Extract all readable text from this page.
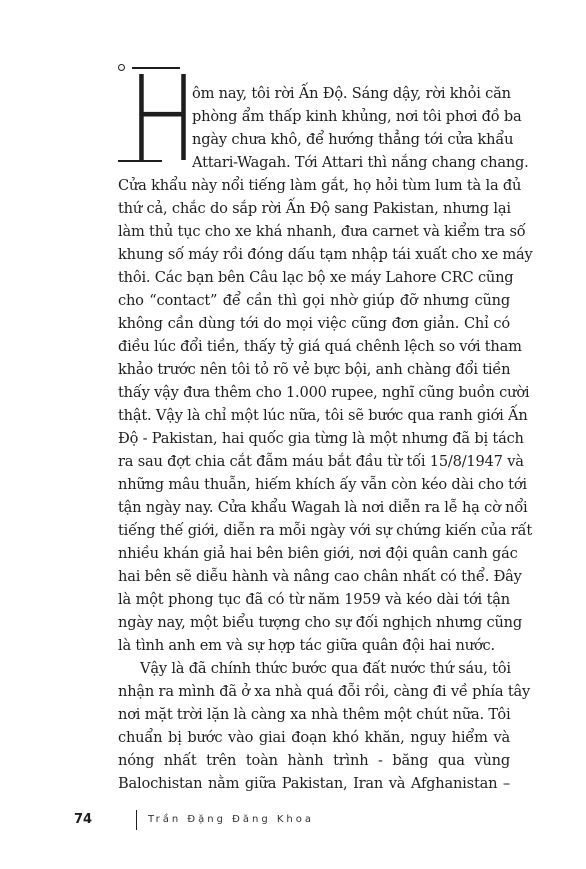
H
ôm nay, tôi rời Ấn Độ. Sáng dậy, rời khỏi căn
phòng ẩm thấp kinh khủng, nơi tôi phơi đồ ba
ngày chưa khô, để hướng thẳng tới cửa khẩu
Attari-Wagah. Tới Attari thì nắng chang chang.
Cửa khẩu này nổi tiếng làm gắt, họ hỏi tùm lum tà la đủ
thứ cả, chắc do sắp rời Ấn Độ sang Pakistan, nhưng lại
làm thủ tục cho xe khá nhanh, đưa carnet và kiểm tra số
khung số máy rồi đóng dấu tạm nhập tái xuất cho xe máy
thôi. Các bạn bên Câu lạc bộ xe máy Lahore CRC cũng
cho “contact” để cần thì gọi nhờ giúp đỡ nhưng cũng
không cần dùng tới do mọi việc cũng đơn giản. Chỉ có
điều lúc đổi tiền, thấy tỷ giá quá chênh lệch so với tham
khảo trước nên tôi tỏ rõ vẻ bực bội, anh chàng đổi tiền
thấy vậy đưa thêm cho 1.000 rupee, nghĩ cũng buồn cười
thật. Vậy là chỉ một lúc nữa, tôi sẽ bước qua ranh giới Ấn
Độ - Pakistan, hai quốc gia từng là một nhưng đã bị tách
ra sau đợt chia cắt đẫm máu bắt đầu từ tối 15/8/1947 và
những mâu thuẫn, hiếm khích ấy vẫn còn kéo dài cho tới
tận ngày nay. Cửa khẩu Wagah là nơi diễn ra lễ hạ cờ nổi
tiếng thế giới, diễn ra mỗi ngày với sự chứng kiến của rất
nhiều khán giả hai bên biên giới, nơi đội quân canh gác
hai bên sẽ diễu hành và nâng cao chân nhất có thể. Đây
là một phong tục đã có từ năm 1959 và kéo dài tới tận
ngày nay, một biểu tượng cho sự đối nghịch nhưng cũng
là tình anh em và sự hợp tác giữa quân đội hai nước.
Vậy là đã chính thức bước qua đất nước thứ sáu, tôi
nhận ra mình đã ở xa nhà quá đỗi rồi, càng đi về phía tây
nơi mặt trời lặn là càng xa nhà thêm một chút nữa. Tôi
chuẩn bị bước vào giai đoạn khó khăn, nguy hiểm và
nóng nhất trên toàn hành trình - băng qua vùng
Balochistan nằm giữa Pakistan, Iran và Afghanistan –
74	Trần Đặng Đăng Khoa
